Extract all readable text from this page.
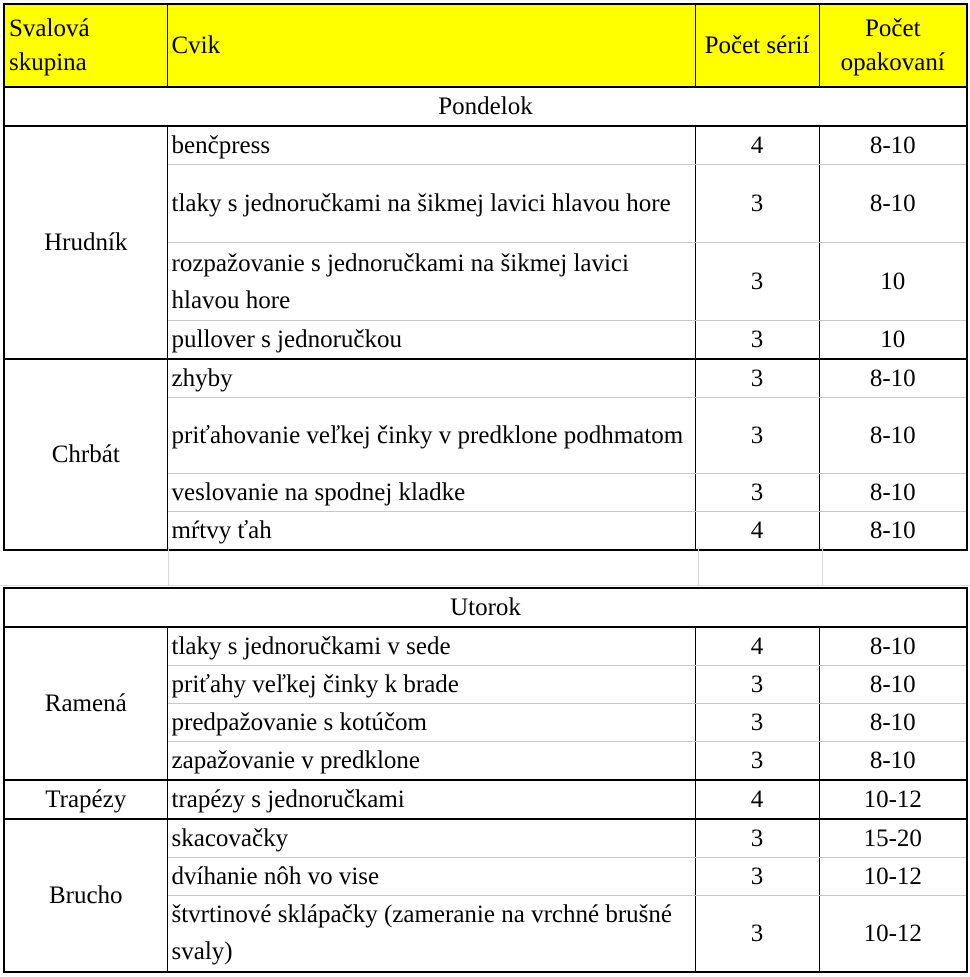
Svalová skupina	Cvik	Počet sérií	Počet opakovaní
Pondelok			
Hrudník	benčpress	4	8-10
	tlaky s jednoručkami na šikmej lavici hlavou hore	3	8-10
	rozpažovanie s jednoručkami na šikmej lavici hlavou hore	3	10
	pullover s jednoručkou	3	10
Chrbát	zhyby	3	8-10
	priťahovanie veľkej činky v predklone podhmatom	3	8-10
	veslovanie na spodnej kladke	3	8-10
	mŕtvy ťah	4	8-10
Utorok			
Ramená	tlaky s jednoručkami v sede	4	8-10
	priťahy veľkej činky k brade	3	8-10
	predpažovanie s kotúčom	3	8-10
	zapažovanie v predklone	3	8-10
Trapézy	trapézy s jednoručkami	4	10-12
Brucho	skacovačky	3	15-20
	dvíhanie nôh vo vise	3	10-12
	štvrtinové sklápačky (zameranie na vrchné brušné svaly)	3	10-12
